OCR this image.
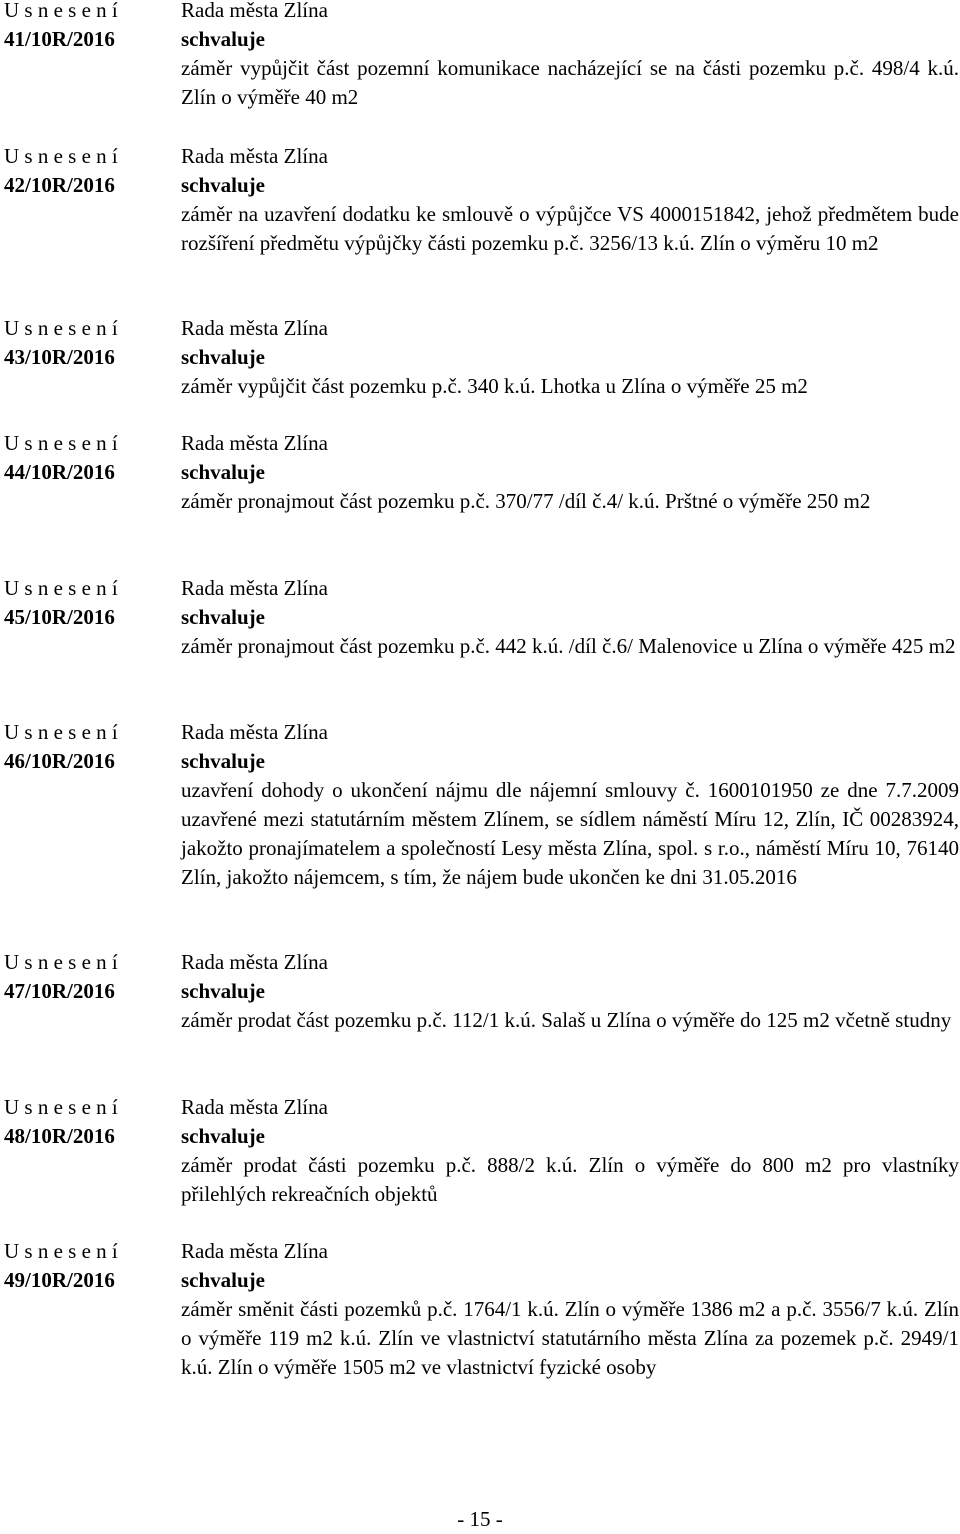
U s n e s e n í
41/10R/2016
Rada města Zlína
schvaluje
záměr vypůjčit část pozemní komunikace nacházející se na části pozemku p.č. 498/4 k.ú. Zlín o výměře 40 m2
U s n e s e n í
42/10R/2016
Rada města Zlína
schvaluje
záměr na uzavření dodatku ke smlouvě o výpůjčce VS 4000151842, jehož předmětem bude rozšíření předmětu výpůjčky části pozemku p.č. 3256/13 k.ú. Zlín o výměru 10 m2
U s n e s e n í
43/10R/2016
Rada města Zlína
schvaluje
záměr vypůjčit část pozemku p.č. 340 k.ú. Lhotka u Zlína o výměře 25 m2
U s n e s e n í
44/10R/2016
Rada města Zlína
schvaluje
záměr pronajmout část pozemku p.č. 370/77 /díl č.4/ k.ú. Prštné o výměře 250 m2
U s n e s e n í
45/10R/2016
Rada města Zlína
schvaluje
záměr pronajmout část pozemku p.č. 442 k.ú. /díl č.6/ Malenovice u Zlína o výměře 425 m2
U s n e s e n í
46/10R/2016
Rada města Zlína
schvaluje
uzavření dohody o ukončení nájmu dle nájemní smlouvy č. 1600101950 ze dne 7.7.2009 uzavřené mezi statutárním městem Zlínem, se sídlem náměstí Míru 12, Zlín, IČ 00283924, jakožto pronajímatelem a společností Lesy města Zlína, spol. s r.o., náměstí Míru 10, 76140 Zlín, jakožto nájemcem, s tím, že nájem bude ukončen ke dni 31.05.2016
U s n e s e n í
47/10R/2016
Rada města Zlína
schvaluje
záměr prodat část pozemku p.č. 112/1 k.ú. Salaš u Zlína o výměře do 125 m2 včetně studny
U s n e s e n í
48/10R/2016
Rada města Zlína
schvaluje
záměr prodat části pozemku p.č. 888/2 k.ú. Zlín o výměře do 800 m2 pro vlastníky přilehlých rekreačních objektů
U s n e s e n í
49/10R/2016
Rada města Zlína
schvaluje
záměr směnit části pozemků p.č. 1764/1 k.ú. Zlín o výměře 1386 m2 a p.č. 3556/7 k.ú. Zlín o výměře 119 m2 k.ú. Zlín ve vlastnictví statutárního města Zlína za pozemek p.č. 2949/1 k.ú. Zlín o výměře 1505 m2 ve vlastnictví fyzické osoby
- 15 -
